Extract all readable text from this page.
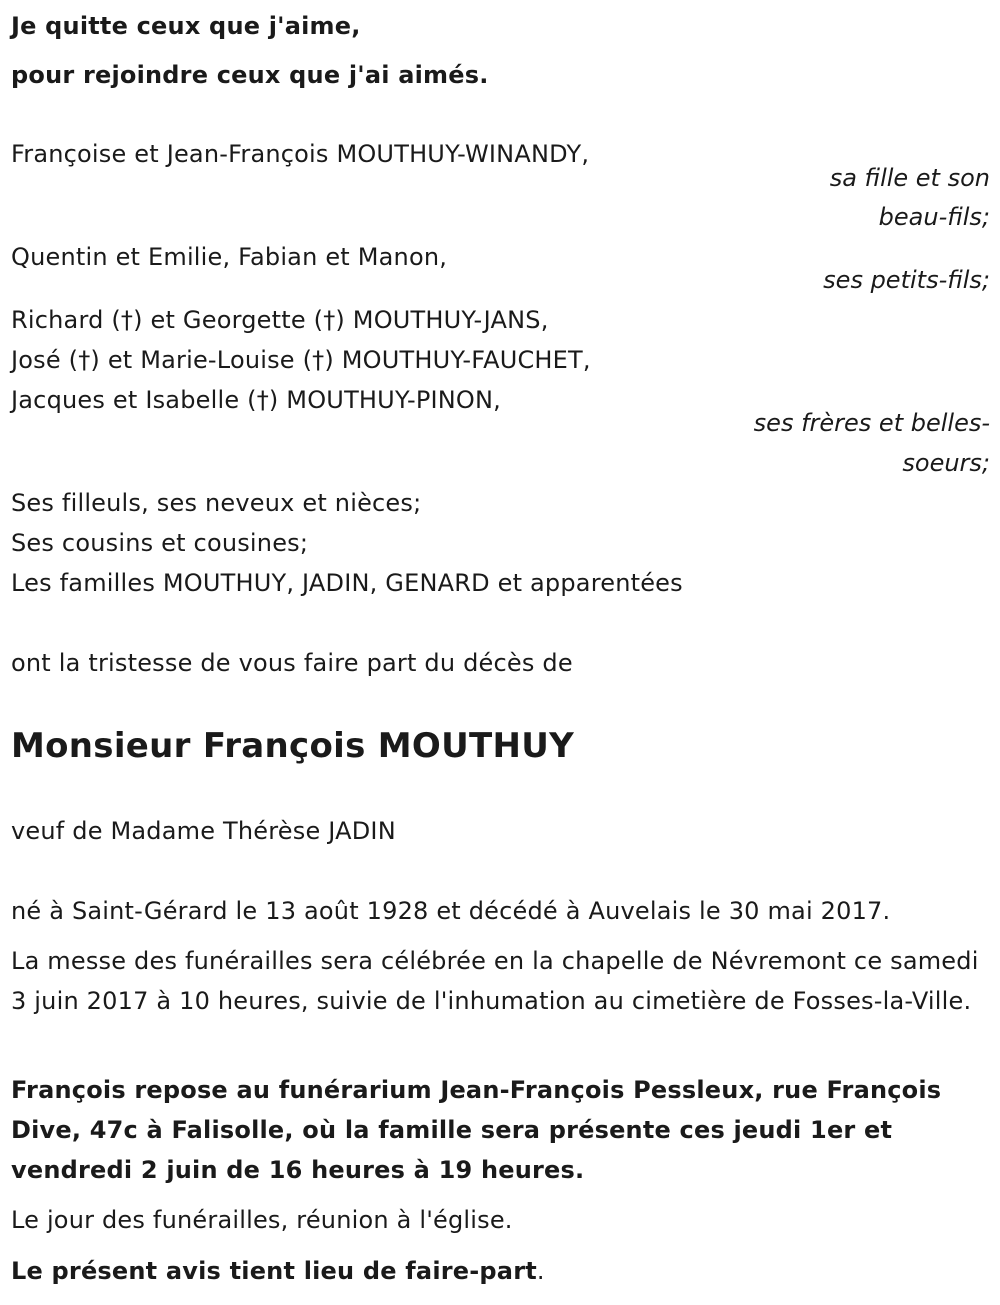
Je quitte ceux que j'aime,
pour rejoindre ceux que j'ai aimés.
Françoise et Jean-François MOUTHUY-WINANDY,
sa fille et son
beau-fils;
Quentin et Emilie, Fabian et Manon,
ses petits-fils;
Richard (†) et Georgette (†) MOUTHUY-JANS,
José (†) et Marie-Louise (†) MOUTHUY-FAUCHET,
Jacques et Isabelle (†) MOUTHUY-PINON,
ses frères et belles-
soeurs;
Ses filleuls, ses neveux et nièces;
Ses cousins et cousines;
Les familles MOUTHUY, JADIN, GENARD et apparentées
ont la tristesse de vous faire part du décès de
Monsieur François MOUTHUY
veuf de Madame Thérèse JADIN
né à Saint-Gérard le 13 août 1928 et décédé à Auvelais le 30 mai 2017.
La messe des funérailles sera célébrée en la chapelle de Névremont ce samedi 3 juin 2017 à 10 heures, suivie de l'inhumation au cimetière de Fosses-la-Ville.
François repose au funérarium Jean-François Pessleux, rue François Dive, 47c à Falisolle, où la famille sera présente ces jeudi 1er et vendredi 2 juin de 16 heures à 19 heures.
Le jour des funérailles, réunion à l'église.
Le présent avis tient lieu de faire-part.
